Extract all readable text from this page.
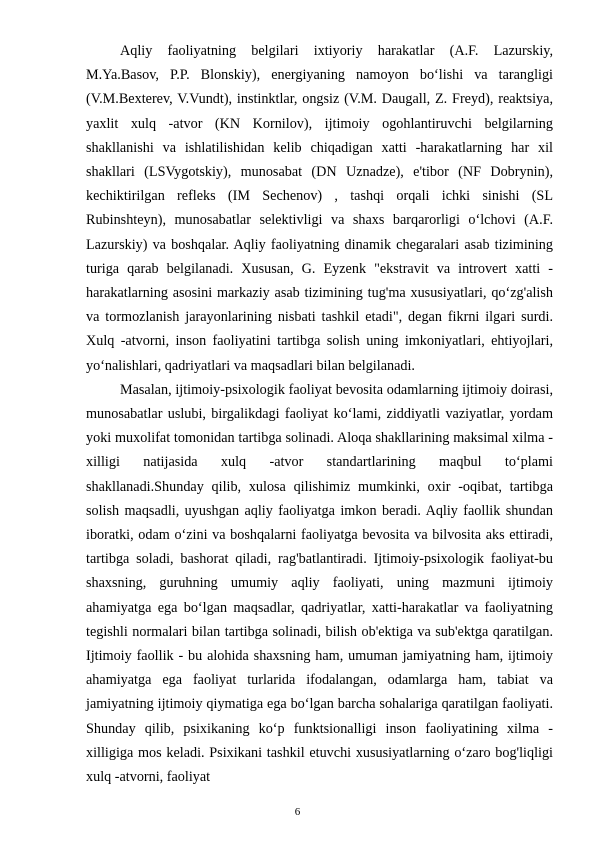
Aqliy faoliyatning belgilari ixtiyoriy harakatlar (A.F. Lazurskiy, M.Ya.Basov, P.P. Blonskiy), energiyaning namoyon bo‘lishi va tarangligi (V.M.Bexterev, V.Vundt), instinktlar, ongsiz (V.M. Daugall, Z. Freyd), reaktsiya, yaxlit xulq -atvor (KN Kornilov), ijtimoiy ogohlantiruvchi belgilarning shakllanishi va ishlatilishidan kelib chiqadigan xatti -harakatlarning har xil shakllari (LSVygotskiy), munosabat (DN Uznadze), e'tibor (NF Dobrynin), kechiktirilgan refleks (IM Sechenov) , tashqi orqali ichki sinishi (SL Rubinshteyn), munosabatlar selektivligi va shaxs barqarorligi o‘lchovi (A.F. Lazurskiy) va boshqalar. Aqliy faoliyatning dinamik chegaralari asab tizimining turiga qarab belgilanadi. Xususan, G. Eyzenk "ekstravit va introvert xatti -harakatlarning asosini markaziy asab tizimining tug'ma xususiyatlari, qo‘zg'alish va tormozlanish jarayonlarining nisbati tashkil etadi", degan fikrni ilgari surdi. Xulq -atvorni, inson faoliyatini tartibga solish uning imkoniyatlari, ehtiyojlari, yo‘nalishlari, qadriyatlari va maqsadlari bilan belgilanadi.

Masalan, ijtimoiy-psixologik faoliyat bevosita odamlarning ijtimoiy doirasi, munosabatlar uslubi, birgalikdagi faoliyat ko‘lami, ziddiyatli vaziyatlar, yordam yoki muxolifat tomonidan tartibga solinadi. Aloqa shakllarining maksimal xilma -xilligi natijasida xulq -atvor standartlarining maqbul to‘plami shakllanadi.Shunday qilib, xulosa qilishimiz mumkinki, oxir -oqibat, tartibga solish maqsadli, uyushgan aqliy faoliyatga imkon beradi. Aqliy faollik shundan iboratki, odam o‘zini va boshqalarni faoliyatga bevosita va bilvosita aks ettiradi, tartibga soladi, bashorat qiladi, rag'batlantiradi. Ijtimoiy-psixologik faoliyat-bu shaxsning, guruhning umumiy aqliy faoliyati, uning mazmuni ijtimoiy ahamiyatga ega bo‘lgan maqsadlar, qadriyatlar, xatti-harakatlar va faoliyatning tegishli normalari bilan tartibga solinadi, bilish ob'ektiga va sub'ektga qaratilgan. Ijtimoiy faollik - bu alohida shaxsning ham, umuman jamiyatning ham, ijtimoiy ahamiyatga ega faoliyat turlarida ifodalangan, odamlarga ham, tabiat va jamiyatning ijtimoiy qiymatiga ega bo‘lgan barcha sohalariga qaratilgan faoliyati. Shunday qilib, psixikaning ko‘p funktsionalligi inson faoliyatining xilma -xilligiga mos keladi. Psixikani tashkil etuvchi xususiyatlarning o‘zaro bog'liqligi xulq -atvorni, faoliyat

6
